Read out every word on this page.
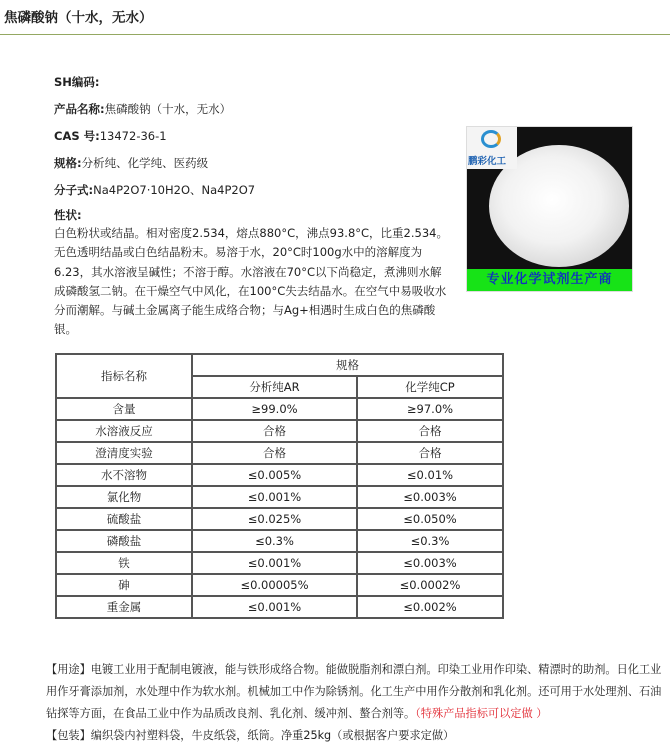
焦磷酸钠（十水，无水）
SH编码:
产品名称:焦磷酸钠（十水，无水）
CAS 号:13472-36-1
规格:分析纯、化学纯、医药级
分子式:Na4P2O7·10H2O、Na4P2O7
性状:
白色粉状或结晶。相对密度2.534，熔点880°C，沸点93.8°C，比重2.534。无色透明结晶或白色结晶粉末。易溶于水，20°C时100g水中的溶解度为6.23，其水溶液呈碱性；不溶于醇。水溶液在70°C以下尚稳定，煮沸则水解成磷酸氢二钠。在干燥空气中风化，在100°C失去结晶水。在空气中易吸收水分而潮解。与碱土金属离子能生成络合物；与Ag+相遇时生成白色的焦磷酸银。
鹏彩化工
专业化学试剂生产商
指标名称	规格	
	分析纯AR	化学纯CP
含量	≥99.0%	≥97.0%
水溶液反应	合格	合格
澄清度实验	合格	合格
水不溶物	≤0.005%	≤0.01%
氯化物	≤0.001%	≤0.003%
硫酸盐	≤0.025%	≤0.050%
磷酸盐	≤0.3%	≤0.3%
铁	≤0.001%	≤0.003%
砷	≤0.00005%	≤0.0002%
重金属	≤0.001%	≤0.002%
【用途】电镀工业用于配制电镀液，能与铁形成络合物。能做脱脂剂和漂白剂。印染工业用作印染、精漂时的助剂。日化工业用作牙膏添加剂，水处理中作为软水剂。机械加工中作为除锈剂。化工生产中用作分散剂和乳化剂。还可用于水处理剂、石油钻探等方面，在食品工业中作为品质改良剂、乳化剂、缓冲剂、螯合剂等。（特殊产品指标可以定做 ）
【包装】编织袋内衬塑料袋，牛皮纸袋，纸筒。净重25kg（或根据客户要求定做）
